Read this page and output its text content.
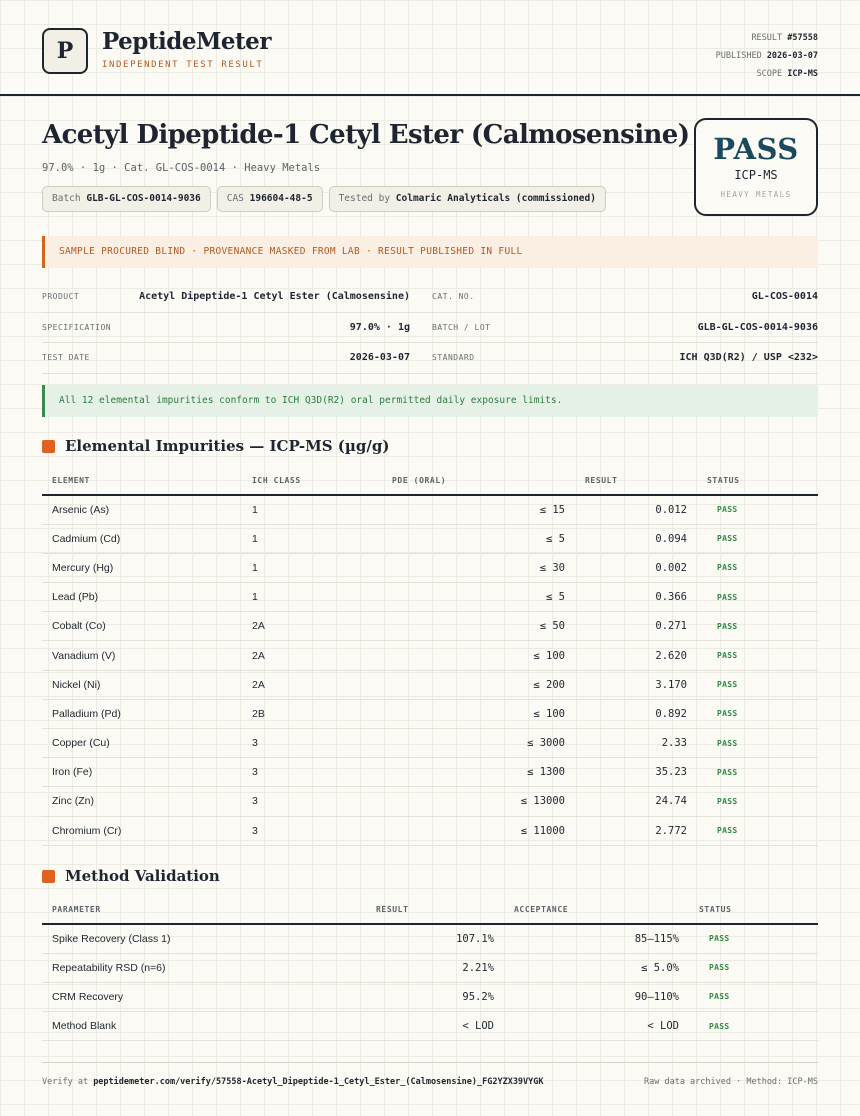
P	PeptideMeter
INDEPENDENT TEST RESULT
RESULT #57558
PUBLISHED 2026-03-07
SCOPE ICP-MS
Acetyl Dipeptide-1 Cetyl Ester (Calmosensine)
97.0% · 1g · Cat. GL-COS-0014 · Heavy Metals
Batch GLB-GL-COS-0014-9036	CAS 196604-48-5	Tested by Colmaric Analyticals (commissioned)
PASS
ICP-MS
HEAVY METALS
SAMPLE PROCURED BLIND · PROVENANCE MASKED FROM LAB · RESULT PUBLISHED IN FULL
PRODUCT	Acetyl Dipeptide-1 Cetyl Ester (Calmosensine)	CAT. NO.	GL-COS-0014
SPECIFICATION	97.0% · 1g	BATCH / LOT	GLB-GL-COS-0014-9036
TEST DATE	2026-03-07	STANDARD	ICH Q3D(R2) / USP <232>
All 12 elemental impurities conform to ICH Q3D(R2) oral permitted daily exposure limits.
Elemental Impurities — ICP-MS (µg/g)
ELEMENT	ICH CLASS	PDE (ORAL)	RESULT	STATUS
Arsenic (As)	1	≤ 15	0.012	PASS
Cadmium (Cd)	1	≤ 5	0.094	PASS
Mercury (Hg)	1	≤ 30	0.002	PASS
Lead (Pb)	1	≤ 5	0.366	PASS
Cobalt (Co)	2A	≤ 50	0.271	PASS
Vanadium (V)	2A	≤ 100	2.620	PASS
Nickel (Ni)	2A	≤ 200	3.170	PASS
Palladium (Pd)	2B	≤ 100	0.892	PASS
Copper (Cu)	3	≤ 3000	2.33	PASS
Iron (Fe)	3	≤ 1300	35.23	PASS
Zinc (Zn)	3	≤ 13000	24.74	PASS
Chromium (Cr)	3	≤ 11000	2.772	PASS
Method Validation
PARAMETER	RESULT	ACCEPTANCE	STATUS
Spike Recovery (Class 1)	107.1%	85–115%	PASS
Repeatability RSD (n=6)	2.21%	≤ 5.0%	PASS
CRM Recovery	95.2%	90–110%	PASS
Method Blank	< LOD	< LOD	PASS
Verify at peptidemeter.com/verify/57558-Acetyl_Dipeptide-1_Cetyl_Ester_(Calmosensine)_FG2YZX39VYGK	Raw data archived · Method: ICP-MS
